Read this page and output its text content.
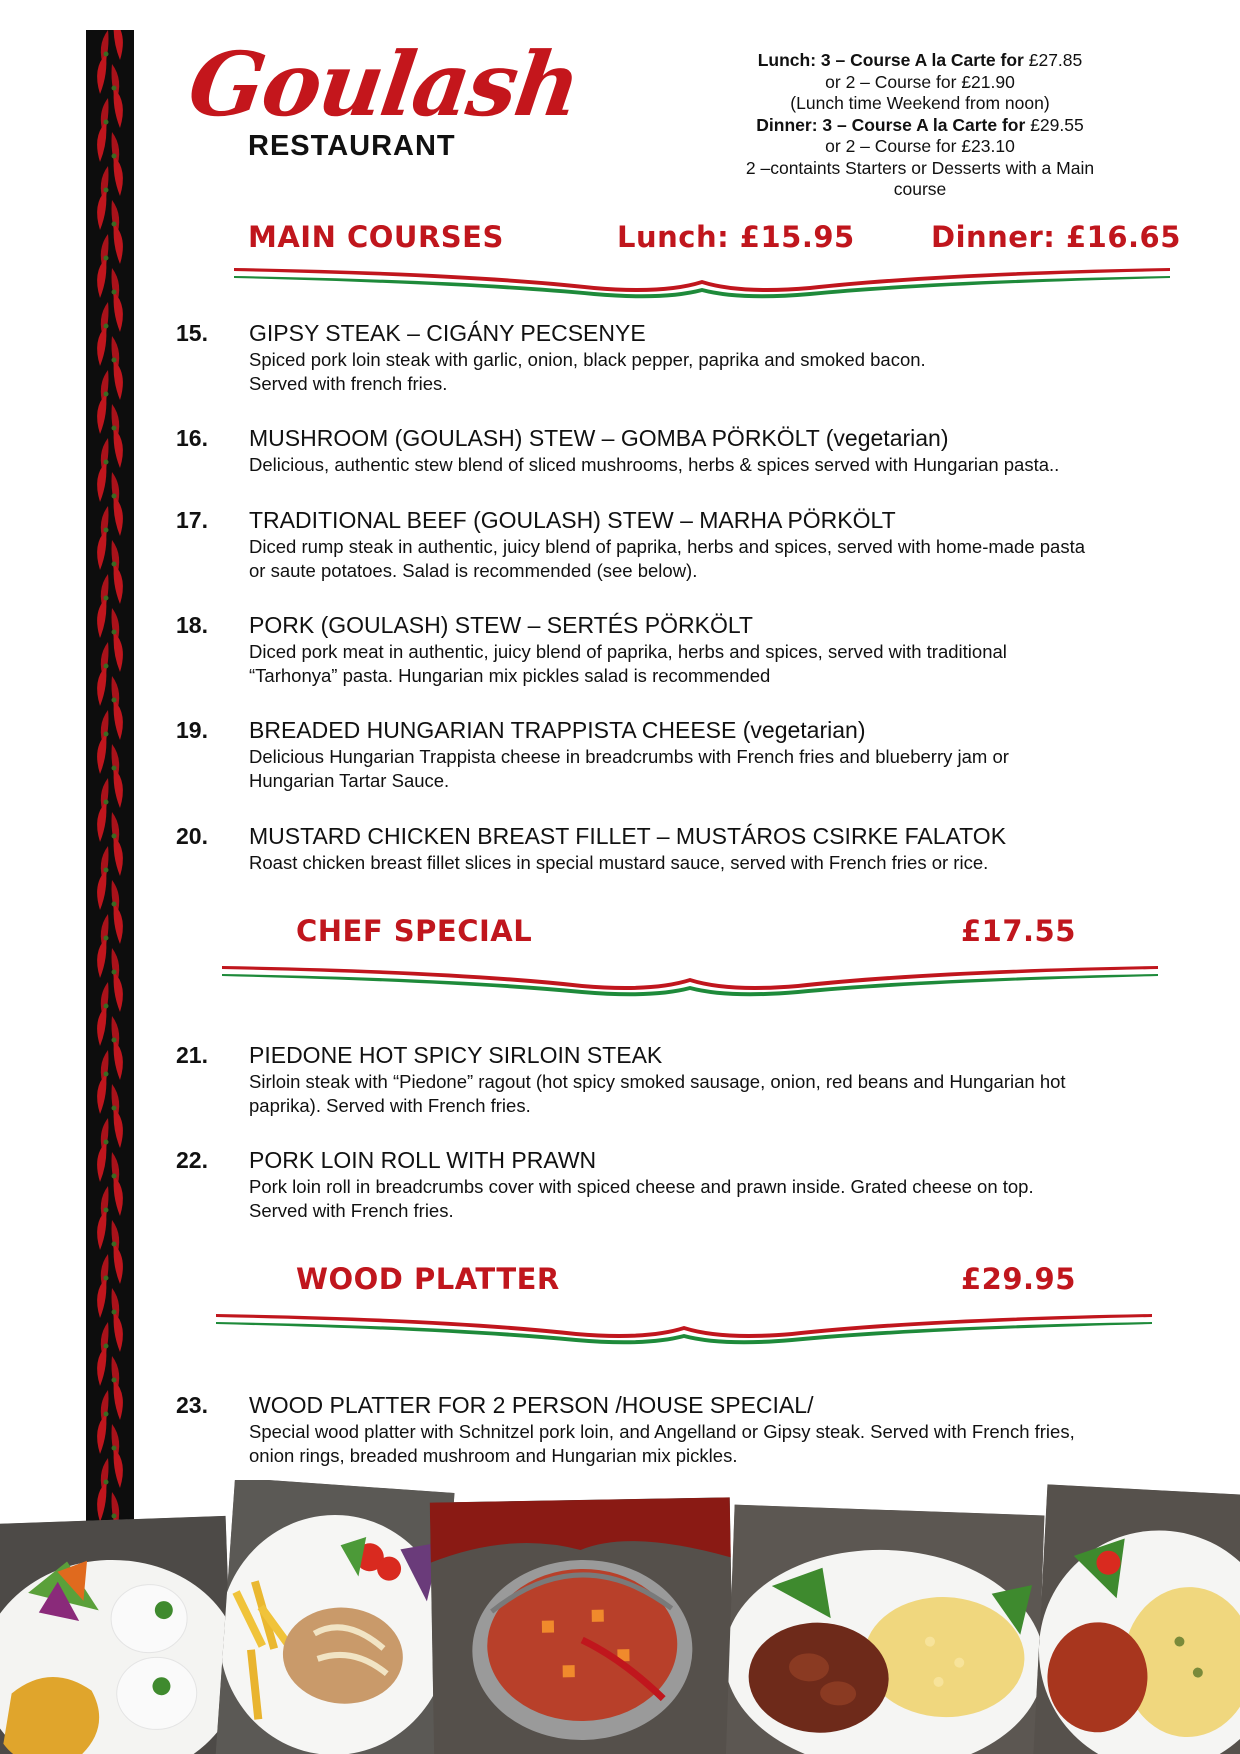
Goulash
RESTAURANT
Lunch: 3 – Course A la Carte for £27.85
or 2 – Course for £21.90
(Lunch time Weekend from noon)
Dinner: 3 – Course A la Carte for £29.55
or 2 – Course for £23.10
2 –containts Starters or Desserts with a Main course
MAIN COURSES	Lunch: £15.95	Dinner: £16.65
15. GIPSY STEAK – CIGÁNY PECSENYE
Spiced pork loin steak with garlic, onion, black pepper, paprika and smoked bacon.
Served with french fries.
16. MUSHROOM (GOULASH) STEW – GOMBA PÖRKÖLT (vegetarian)
Delicious, authentic stew blend of sliced mushrooms, herbs & spices served with Hungarian pasta..
17. TRADITIONAL BEEF (GOULASH) STEW – MARHA PÖRKÖLT
Diced rump steak in authentic, juicy blend of paprika, herbs and spices, served with home-made pasta
or saute potatoes. Salad is recommended (see below).
18. PORK (GOULASH) STEW – SERTÉS PÖRKÖLT
Diced pork meat in authentic, juicy blend of paprika, herbs and spices, served with traditional
“Tarhonya” pasta. Hungarian mix pickles salad is recommended
19. BREADED HUNGARIAN TRAPPISTA CHEESE (vegetarian)
Delicious Hungarian Trappista cheese in breadcrumbs with French fries and blueberry jam or
Hungarian Tartar Sauce.
20. MUSTARD CHICKEN BREAST FILLET – MUSTÁROS CSIRKE FALATOK
Roast chicken breast fillet slices in special mustard sauce, served with French fries or rice.
CHEF SPECIAL	£17.55
21. PIEDONE HOT SPICY SIRLOIN STEAK
Sirloin steak with “Piedone” ragout (hot spicy smoked sausage, onion, red beans and Hungarian hot
paprika). Served with French fries.
22. PORK LOIN ROLL WITH PRAWN
Pork loin roll in breadcrumbs cover with spiced cheese and prawn inside. Grated cheese on top.
Served with French fries.
WOOD PLATTER	£29.95
23. WOOD PLATTER FOR 2 PERSON /HOUSE SPECIAL/
Special wood platter with Schnitzel pork loin, and Angelland or Gipsy steak. Served with French fries,
onion rings, breaded mushroom and Hungarian mix pickles.
